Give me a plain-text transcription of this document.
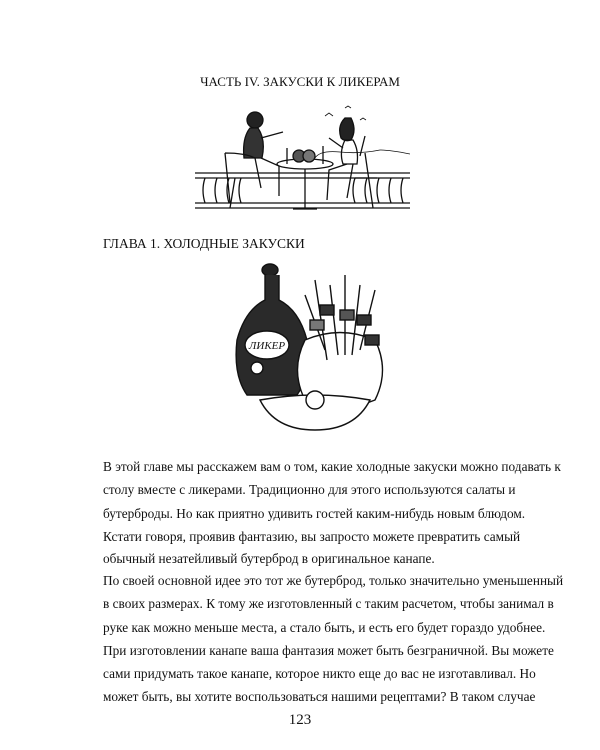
ЧАСТЬ IV. ЗАКУСКИ К ЛИКЕРАМ
ГЛАВА 1. ХОЛОДНЫЕ ЗАКУСКИ
ЛИКЕР
В этой главе мы расскажем вам о том, какие холодные закуски можно подавать к
столу вместе с ликерами. Традиционно для этого используются салаты и
бутерброды. Но как приятно удивить гостей каким-нибудь новым блюдом.
Кстати говоря, проявив фантазию, вы запросто можете превратить самый
обычный незатейливый бутерброд в оригинальное канапе.
По своей основной идее это тот же бутерброд, только значительно уменьшенный
в своих размерах. К тому же изготовленный с таким расчетом, чтобы занимал в
руке как можно меньше места, а стало быть, и есть его будет гораздо удобнее.
При изготовлении канапе ваша фантазия может быть безграничной. Вы можете
сами придумать такое канапе, которое никто еще до вас не изготавливал. Но
может быть, вы хотите воспользоваться нашими рецептами? В таком случае
123
